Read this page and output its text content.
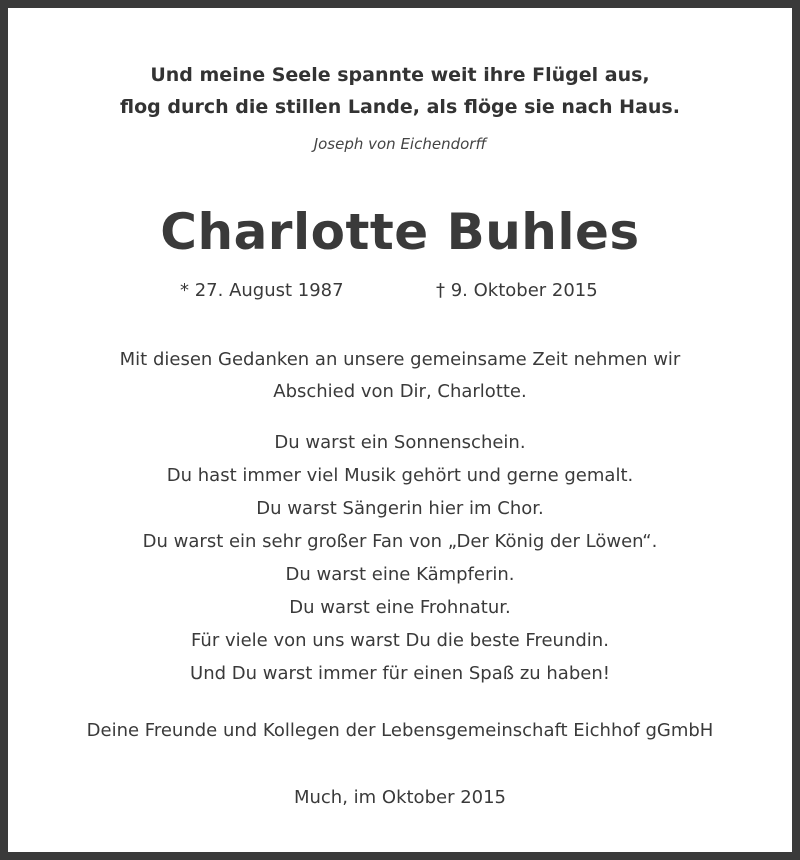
Und meine Seele spannte weit ihre Flügel aus,
flog durch die stillen Lande, als flöge sie nach Haus.
Joseph von Eichendorff
Charlotte Buhles
* 27. August 1987	† 9. Oktober 2015
Mit diesen Gedanken an unsere gemeinsame Zeit nehmen wir
Abschied von Dir, Charlotte.
Du warst ein Sonnenschein.
Du hast immer viel Musik gehört und gerne gemalt.
Du warst Sängerin hier im Chor.
Du warst ein sehr großer Fan von „Der König der Löwen“.
Du warst eine Kämpferin.
Du warst eine Frohnatur.
Für viele von uns warst Du die beste Freundin.
Und Du warst immer für einen Spaß zu haben!
Deine Freunde und Kollegen der Lebensgemeinschaft Eichhof gGmbH
Much, im Oktober 2015
